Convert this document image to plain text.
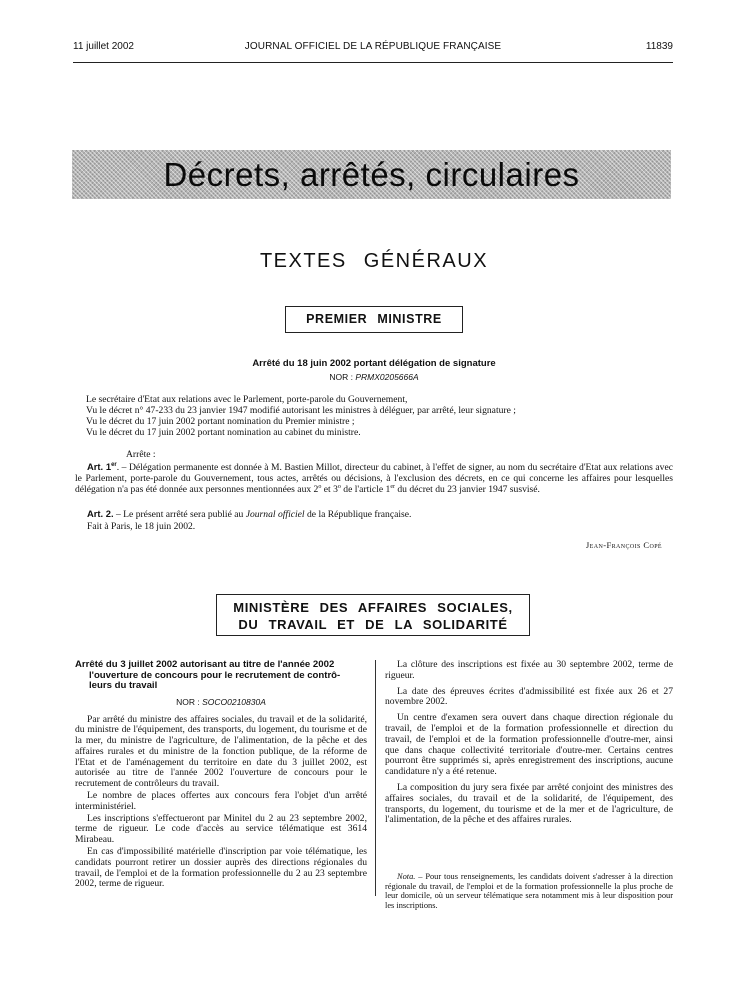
11 juillet 2002	JOURNAL OFFICIEL DE LA RÉPUBLIQUE FRANÇAISE	11839
Décrets, arrêtés, circulaires
TEXTES GÉNÉRAUX
PREMIER MINISTRE
Arrêté du 18 juin 2002 portant délégation de signature
NOR : PRMX0205666A
Le secrétaire d'Etat aux relations avec le Parlement, porte-parole du Gouvernement,
Vu le décret n° 47-233 du 23 janvier 1947 modifié autorisant les ministres à déléguer, par arrêté, leur signature ;
Vu le décret du 17 juin 2002 portant nomination du Premier ministre ;
Vu le décret du 17 juin 2002 portant nomination au cabinet du ministre.
Arrête :
Art. 1er. – Délégation permanente est donnée à M. Bastien Millot, directeur du cabinet, à l'effet de signer, au nom du secrétaire d'Etat aux relations avec le Parlement, porte-parole du Gouvernement, tous actes, arrêtés ou décisions, à l'exclusion des décrets, en ce qui concerne les affaires pour lesquelles délégation n'a pas été donnée aux personnes mentionnées aux 2$^o$ et 3$^o$ de l'article 1er du décret du 23 janvier 1947 susvisé.
Art. 2. – Le présent arrêté sera publié au Journal officiel de la République française.
Fait à Paris, le 18 juin 2002.
Jean-François Copé
MINISTÈRE DES AFFAIRES SOCIALES,
DU TRAVAIL ET DE LA SOLIDARITÉ
Arrêté du 3 juillet 2002 autorisant au titre de l'année 2002
l'ouverture de concours pour le recrutement de contrô-
leurs du travail
NOR : SOCO0210830A

Par arrêté du ministre des affaires sociales, du travail et de la solidarité, du ministre de l'équipement, des transports, du logement, du tourisme et de la mer, du ministre de l'agriculture, de l'alimentation, de la pêche et des affaires rurales et du ministre de la fonction publique, de la réforme de l'Etat et de l'aménagement du territoire en date du 3 juillet 2002, est autorisée au titre de l'année 2002 l'ouverture de concours pour le recrutement de contrôleurs du travail.

Le nombre de places offertes aux concours fera l'objet d'un arrêté interministériel.

Les inscriptions s'effectueront par Minitel du 2 au 23 septembre 2002, terme de rigueur. Le code d'accès au service télématique est 3614 Mirabeau.

En cas d'impossibilité matérielle d'inscription par voie télématique, les candidats pourront retirer un dossier auprès des directions régionales du travail, de l'emploi et de la formation professionnelle du 2 au 23 septembre 2002, terme de rigueur.

La clôture des inscriptions est fixée au 30 septembre 2002, terme de rigueur.

La date des épreuves écrites d'admissibilité est fixée aux 26 et 27 novembre 2002.

Un centre d'examen sera ouvert dans chaque direction régionale du travail, de l'emploi et de la formation professionnelle et direction du travail, de l'emploi et de la formation professionnelle d'outre-mer, ainsi que dans chaque collectivité territoriale d'outre-mer. Certains centres pourront être supprimés si, après enregistrement des inscriptions, aucune candidature n'y a été retenue.

La composition du jury sera fixée par arrêté conjoint des ministres des affaires sociales, du travail et de la solidarité, de l'équipement, des transports, du logement, du tourisme et de la mer et de l'agriculture, de l'alimentation, de la pêche et des affaires rurales.

Nota. – Pour tous renseignements, les candidats doivent s'adresser à la direction régionale du travail, de l'emploi et de la formation professionnelle la plus proche de leur domicile, où un serveur télématique sera notamment mis à leur disposition pour les inscriptions.
